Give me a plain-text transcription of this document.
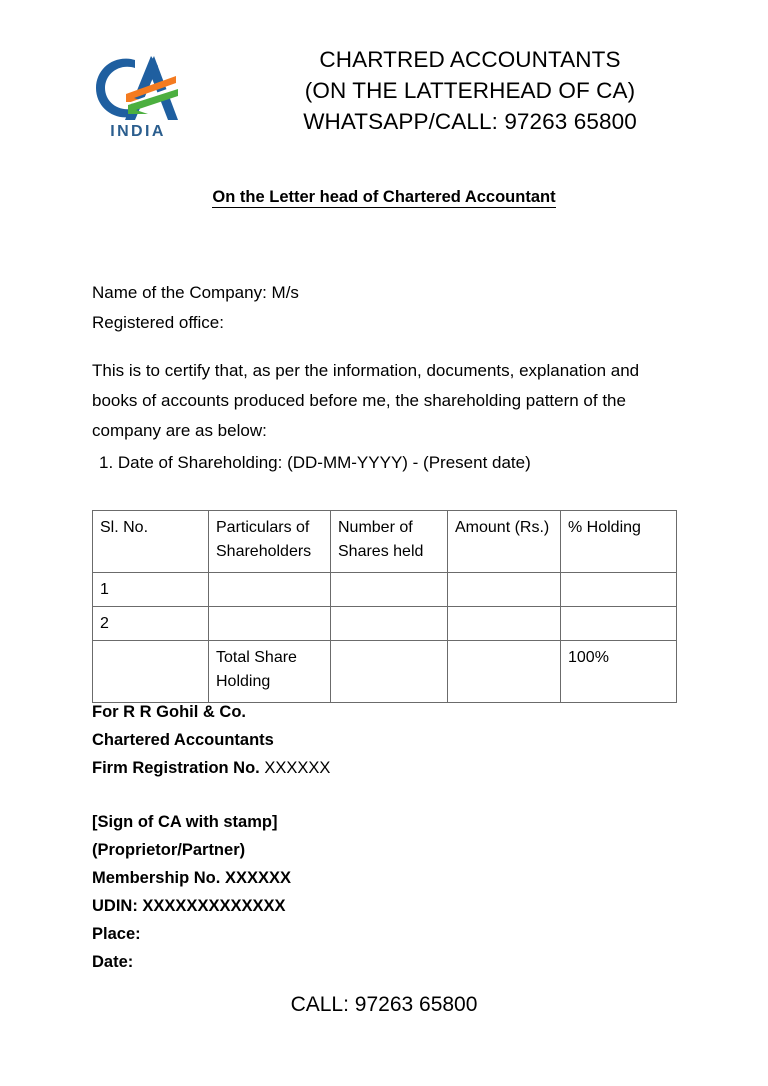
INDIA
CHARTRED ACCOUNTANTS
(ON THE LATTERHEAD OF CA)
WHATSAPP/CALL: 97263 65800
On the Letter head of Chartered Accountant
Name of the Company: M/s
Registered office:
This is to certify that, as per the information, documents, explanation and books of accounts produced before me, the shareholding pattern of the company are as below:
1. Date of Shareholding: (DD-MM-YYYY) - (Present date)
Sl. No.	Particulars of Shareholders	Number of Shares held	Amount (Rs.)	% Holding
1				
2				
	Total Share Holding			100%
For R R Gohil & Co.
Chartered Accountants
Firm Registration No. XXXXXX
[Sign of CA with stamp]
(Proprietor/Partner)
Membership No. XXXXXX
UDIN: XXXXXXXXXXXXX
Place:
Date:
CALL: 97263 65800
